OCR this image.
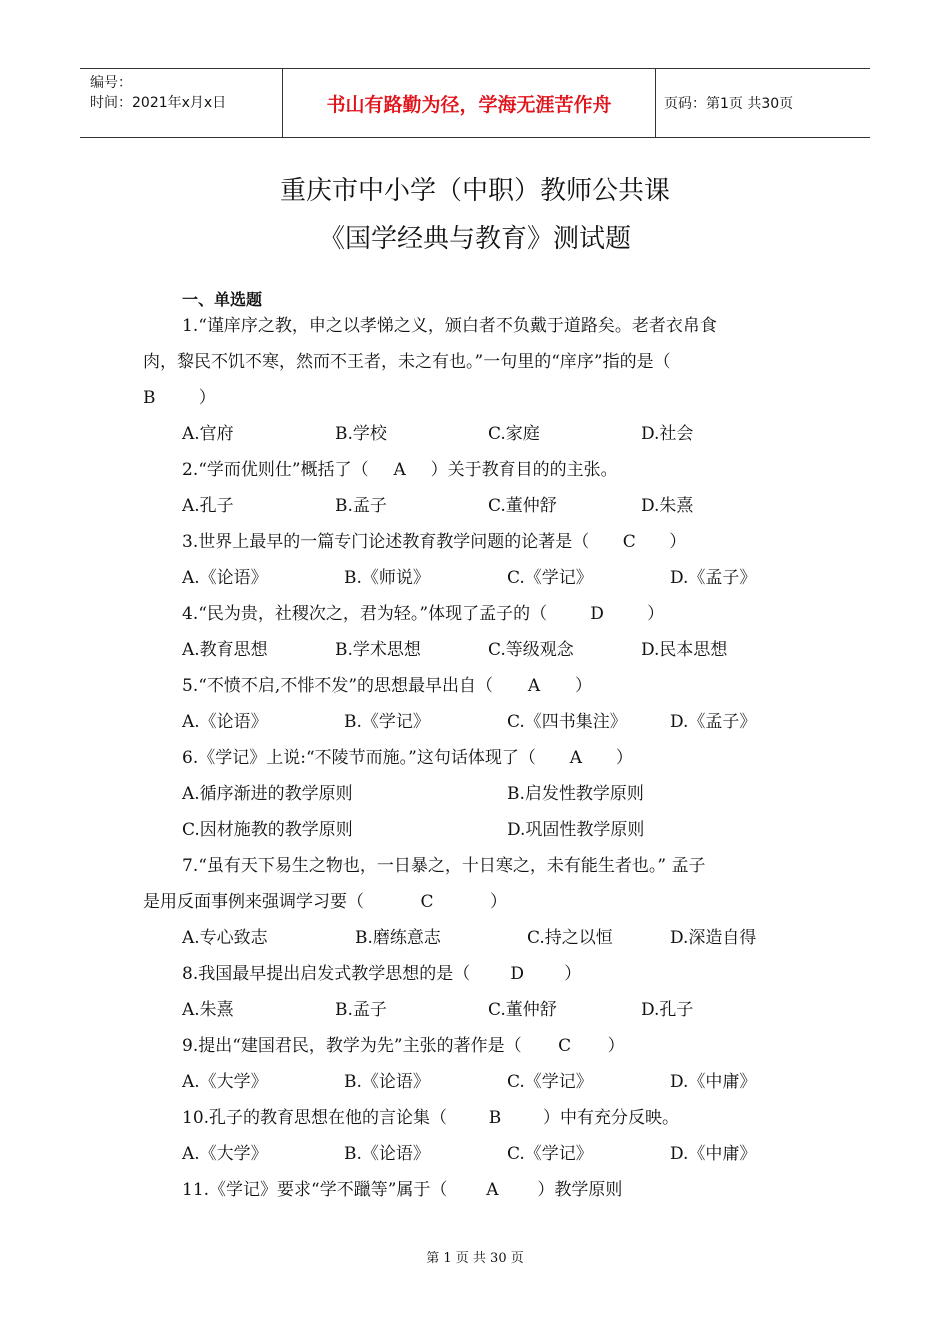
编号：
时间：2021年x月x日	书山有路勤为径，学海无涯苦作舟	页码：第1页 共30页
重庆市中小学（中职）教师公共课
《国学经典与教育》测试题
一、单选题
1.“谨庠序之教，申之以孝悌之义，颁白者不负戴于道路矣。老者衣帛食
肉，黎民不饥不寒，然而不王者，未之有也。”一句里的“庠序”指的是（
B        ）
A.官府	B.学校	C.家庭	D.社会
2.“学而优则仕”概括了（ A ）关于教育目的的主张。
A.孔子	B.孟子	C.董仲舒	D.朱熹
3.世界上最早的一篇专门论述教育教学问题的论著是（ C ）
A.《论语》	B.《师说》	C.《学记》	D.《孟子》
4.“民为贵，社稷次之，君为轻。”体现了孟子的（	D	）
A.教育思想	B.学术思想	C.等级观念	D.民本思想
5.“不愤不启,不悱不发”的思想最早出自（ A ）
A.《论语》	B.《学记》	C.《四书集注》	D.《孟子》
6.《学记》上说:“不陵节而施。”这句话体现了（ A ）
A.循序渐进的教学原则	B.启发性教学原则
C.因材施教的教学原则	D.巩固性教学原则
7.“虽有天下易生之物也，一日暴之，十日寒之，未有能生者也。” 孟子
是用反面事例来强调学习要（	C	）
A.专心致志	B.磨练意志	C.持之以恒	D.深造自得
8.我国最早提出启发式教学思想的是（ D ）
A.朱熹	B.孟子	C.董仲舒	D.孔子
9.提出“建国君民，教学为先”主张的著作是（ C ）
A.《大学》	B.《论语》	C.《学记》	D.《中庸》
10.孔子的教育思想在他的言论集（ B ）中有充分反映。
A.《大学》	B.《论语》	C.《学记》	D.《中庸》
11.《学记》要求“学不躐等”属于（ A ）教学原则
第 1 页 共 30 页
